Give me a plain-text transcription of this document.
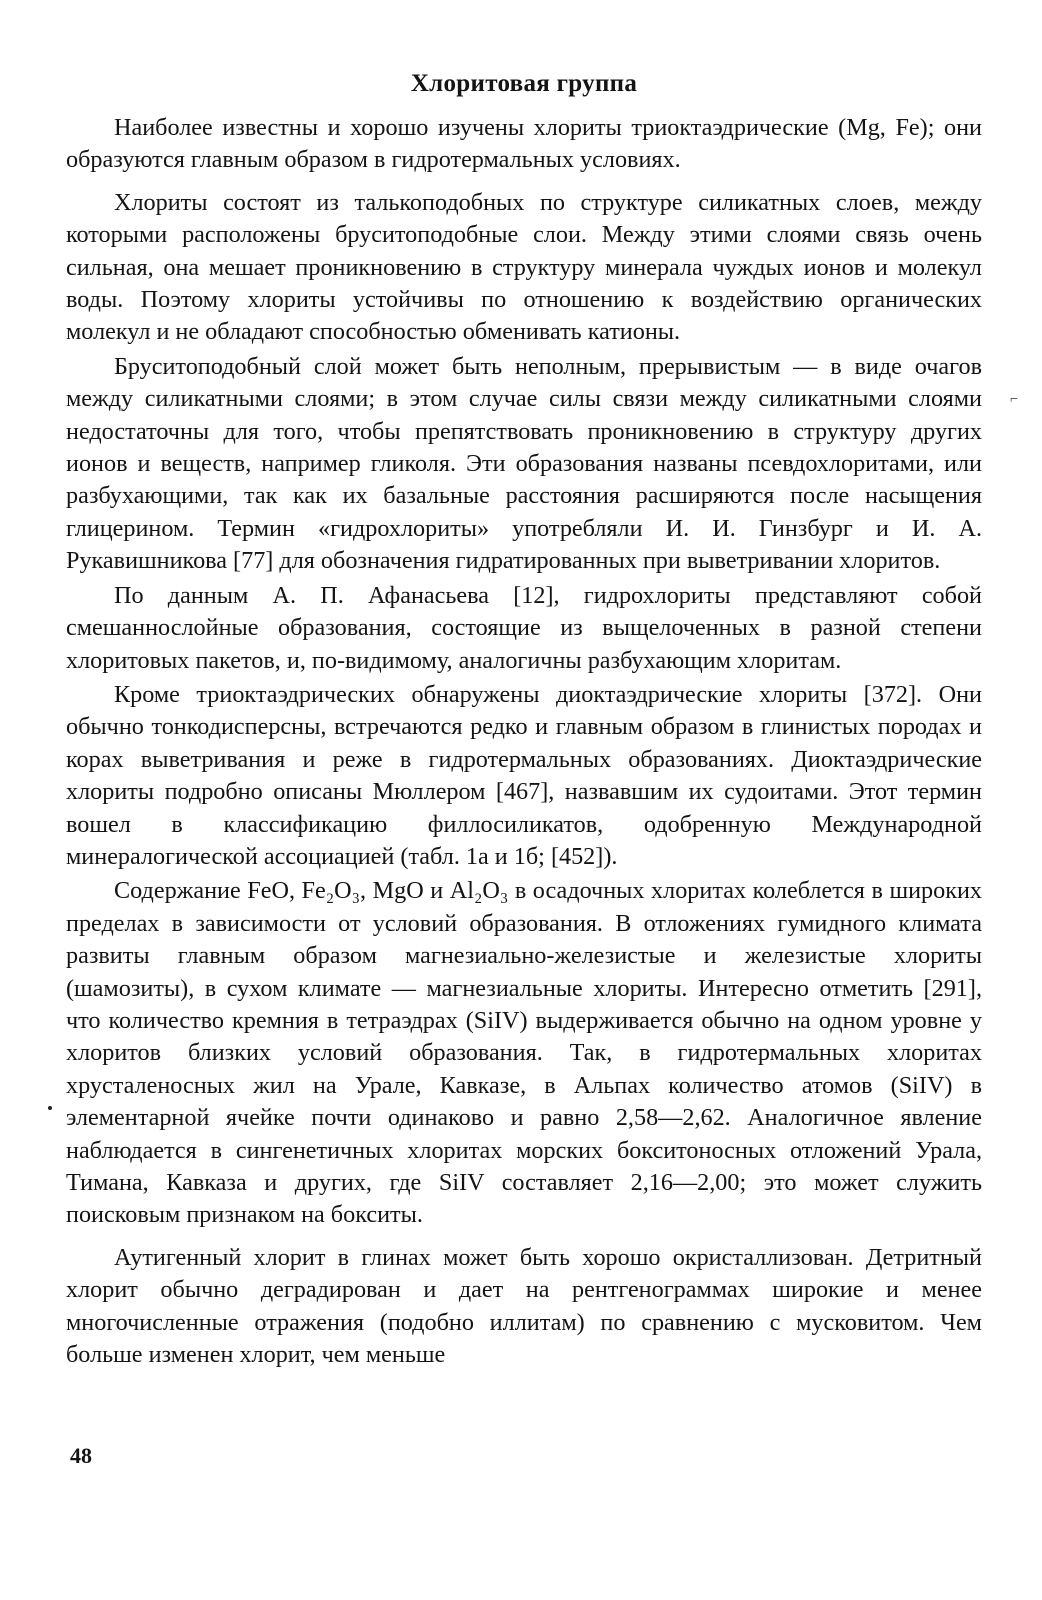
Хлоритовая группа

Наиболее известны и хорошо изучены хлориты триоктаэдрические (Mg, Fe); они образуются главным образом в гидротермальных условиях.

Хлориты состоят из талькоподобных по структуре силикатных слоев, между которыми расположены бруситоподобные слои. Между этими слоями связь очень сильная, она мешает проникновению в структуру минерала чуждых ионов и молекул воды. Поэтому хлориты устойчивы по отношению к воздействию органических молекул и не обладают способностью обменивать катионы.

Бруситоподобный слой может быть неполным, прерывистым — в виде очагов между силикатными слоями; в этом случае силы связи между силикатными слоями недостаточны для того, чтобы препятствовать проникновению в структуру других ионов и веществ, например гликоля. Эти образования названы псевдохлоритами, или разбухающими, так как их базальные расстояния расширяются после насыщения глицерином. Термин «гидрохлориты» употребляли И. И. Гинзбург и И. А. Рукавишникова [77] для обозначения гидратированных при выветривании хлоритов.

По данным А. П. Афанасьева [12], гидрохлориты представляют собой смешаннослойные образования, состоящие из выщелоченных в разной степени хлоритовых пакетов, и, по-видимому, аналогичны разбухающим хлоритам.

Кроме триоктаэдрических обнаружены диоктаэдрические хлориты [372]. Они обычно тонкодисперсны, встречаются редко и главным образом в глинистых породах и корах выветривания и реже в гидротермальных образованиях. Диоктаэдрические хлориты подробно описаны Мюллером [467], назвавшим их судоитами. Этот термин вошел в классификацию филлосиликатов, одобренную Международной минералогической ассоциацией (табл. 1а и 1б; [452]).

Содержание FeO, Fe₂O₃, MgO и Al₂O₃ в осадочных хлоритах колеблется в широких пределах в зависимости от условий образования. В отложениях гумидного климата развиты главным образом магнезиально-железистые и железистые хлориты (шамозиты), в сухом климате — магнезиальные хлориты. Интересно отметить [291], что количество кремния в тетраэдрах (SiIV) выдерживается обычно на одном уровне у хлоритов близких условий образования. Так, в гидротермальных хлоритах хрусталеносных жил на Урале, Кавказе, в Альпах количество атомов (SiIV) в элементарной ячейке почти одинаково и равно 2,58—2,62. Аналогичное явление наблюдается в сингенетичных хлоритах морских бокситоносных отложений Урала, Тимана, Кавказа и других, где SiIV составляет 2,16—2,00; это может служить поисковым признаком на бокситы.

Аутигенный хлорит в глинах может быть хорошо окристаллизован. Детритный хлорит обычно деградирован и дает на рентгенограммах широкие и менее многочисленные отражения (подобно иллитам) по сравнению с мусковитом. Чем больше изменен хлорит, чем меньше

48
⌐
